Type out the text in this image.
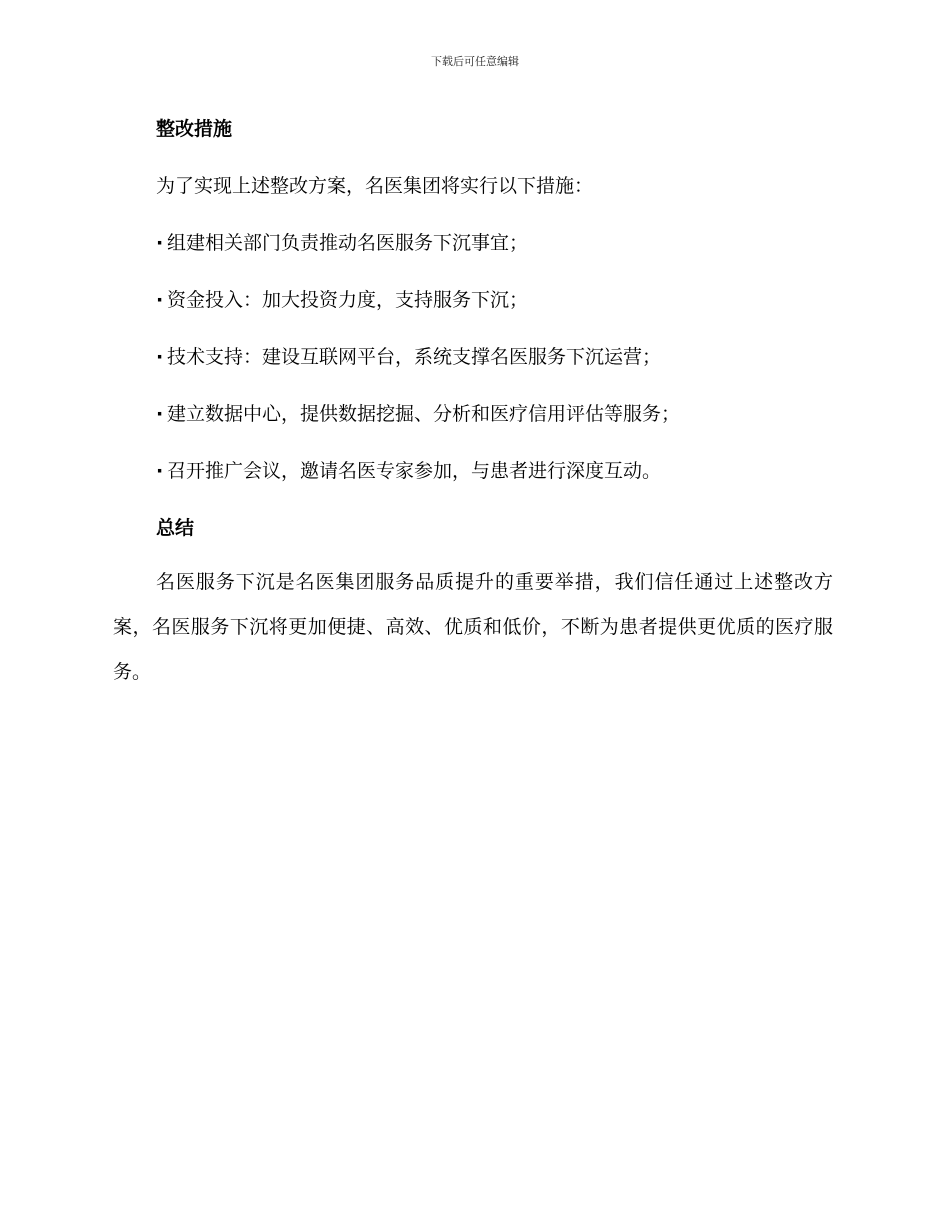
下载后可任意编辑
整改措施

为了实现上述整改方案，名医集团将实行以下措施：

· 组建相关部门负责推动名医服务下沉事宜；
· 资金投入：加大投资力度，支持服务下沉；
· 技术支持：建设互联网平台，系统支撑名医服务下沉运营；
· 建立数据中心，提供数据挖掘、分析和医疗信用评估等服务；
· 召开推广会议，邀请名医专家参加，与患者进行深度互动。
总结

名医服务下沉是名医集团服务品质提升的重要举措，我们信任通过上述整改方案，名医服务下沉将更加便捷、高效、优质和低价，不断为患者提供更优质的医疗服务。
